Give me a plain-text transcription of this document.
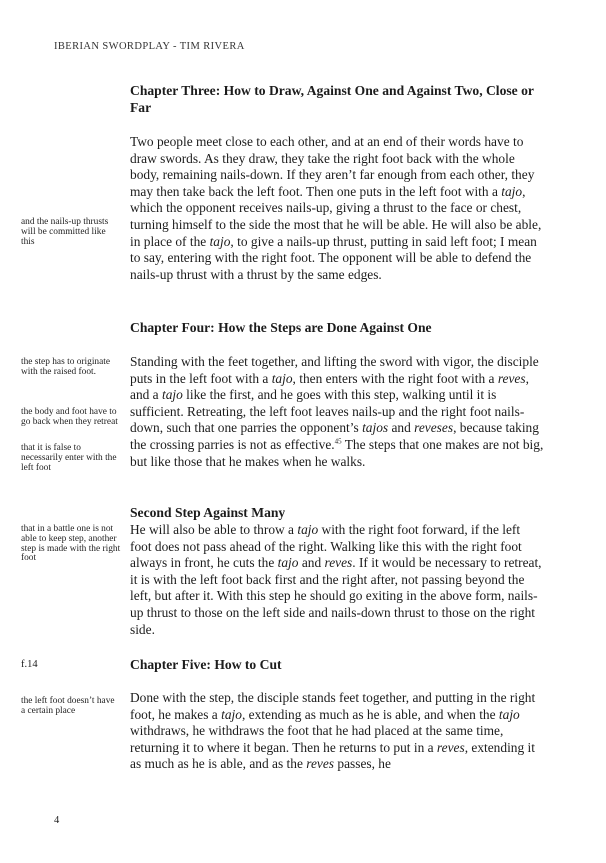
IBERIAN SWORDPLAY - TIM RIVERA
Chapter Three: How to Draw, Against One and Against Two, Close or Far

Two people meet close to each other, and at an end of their words have to draw swords. As they draw, they take the right foot back with the whole body, remaining nails-down. If they aren’t far enough from each other, they may then take back the left foot. Then one puts in the left foot with a tajo, which the opponent receives nails-up, giving a thrust to the face or chest, turning himself to the side the most that he will be able. He will also be able, in place of the tajo, to give a nails-up thrust, putting in said left foot; I mean to say, entering with the right foot. The opponent will be able to defend the nails-up thrust with a thrust by the same edges.

Chapter Four: How the Steps are Done Against One

Standing with the feet together, and lifting the sword with vigor, the disciple puts in the left foot with a tajo, then enters with the right foot with a reves, and a tajo like the first, and he goes with this step, walking until it is sufficient. Retreating, the left foot leaves nails-up and the right foot nails-down, such that one parries the opponent’s tajos and reveses, because taking the crossing parries is not as effective.$^{45}$ The steps that one makes are not big, but like those that he makes when he walks.

Second Step Against Many

He will also be able to throw a tajo with the right foot forward, if the left foot does not pass ahead of the right. Walking like this with the right foot always in front, he cuts the tajo and reves. If it would be necessary to retreat, it is with the left foot back first and the right after, not passing beyond the left, but after it. With this step he should go exiting in the above form, nails-up thrust to those on the left side and nails-down thrust to those on the right side.

Chapter Five: How to Cut

Done with the step, the disciple stands feet together, and putting in the right foot, he makes a tajo, extending as much as he is able, and when the tajo withdraws, he withdraws the foot that he had placed at the same time, returning it to where it began. Then he returns to put in a reves, extending it as much as he is able, and as the reves passes, he

and the nails-up thrusts will be committed like this
the step has to originate with the raised foot.
the body and foot have to go back when they retreat
that it is false to necessarily enter with the left foot
that in a battle one is not able to keep step, another step is made with the right foot
the left foot doesn’t have a certain place
f.14
4
